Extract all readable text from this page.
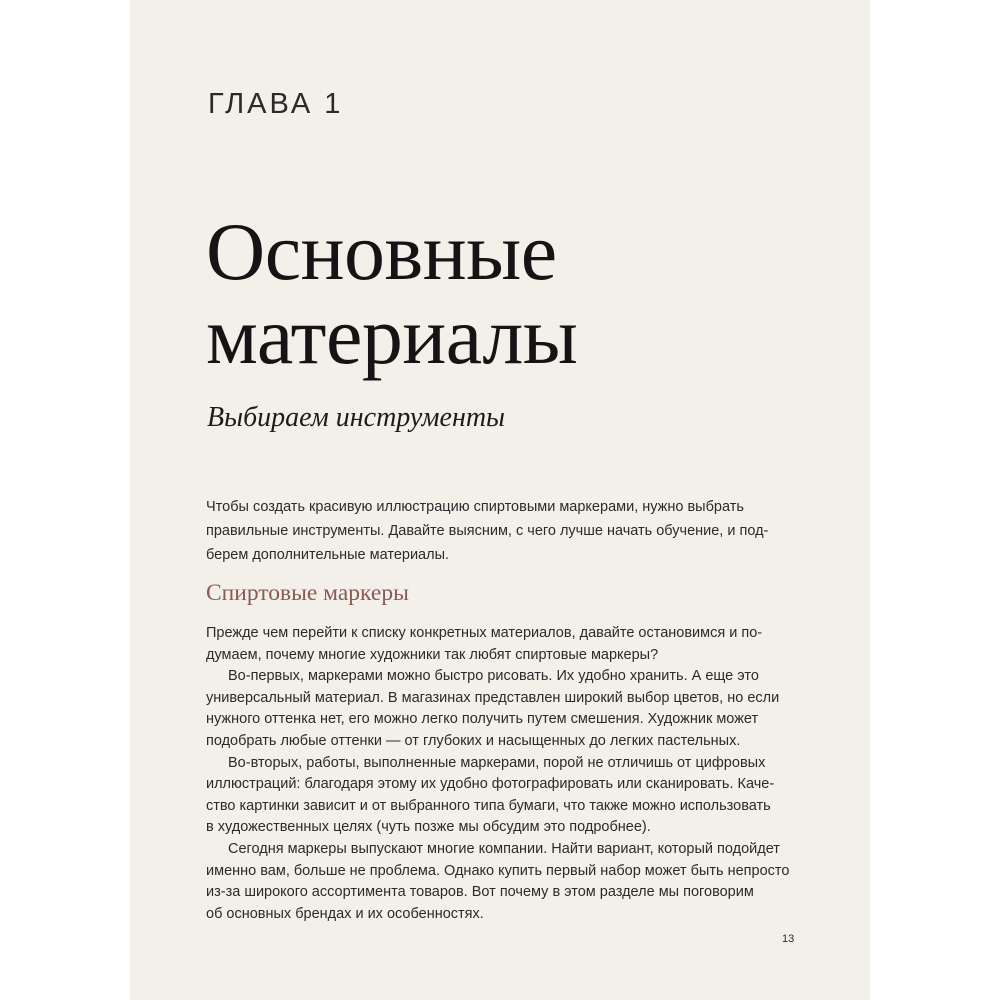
ГЛАВА 1
Основные
материалы
Выбираем инструменты

Чтобы создать красивую иллюстрацию спиртовыми маркерами, нужно выбрать
правильные инструменты. Давайте выясним, с чего лучше начать обучение, и под-
берем дополнительные материалы.

Спиртовые маркеры

Прежде чем перейти к списку конкретных материалов, давайте остановимся и по-
думаем, почему многие художники так любят спиртовые маркеры?

Во-первых, маркерами можно быстро рисовать. Их удобно хранить. А еще это
универсальный материал. В магазинах представлен широкий выбор цветов, но если
нужного оттенка нет, его можно легко получить путем смешения. Художник может
подобрать любые оттенки — от глубоких и насыщенных до легких пастельных.

Во-вторых, работы, выполненные маркерами, порой не отличишь от цифровых
иллюстраций: благодаря этому их удобно фотографировать или сканировать. Каче-
ство картинки зависит и от выбранного типа бумаги, что также можно использовать
в художественных целях (чуть позже мы обсудим это подробнее).

Сегодня маркеры выпускают многие компании. Найти вариант, который подойдет
именно вам, больше не проблема. Однако купить первый набор может быть непросто
из-за широкого ассортимента товаров. Вот почему в этом разделе мы поговорим
об основных брендах и их особенностях.

13
